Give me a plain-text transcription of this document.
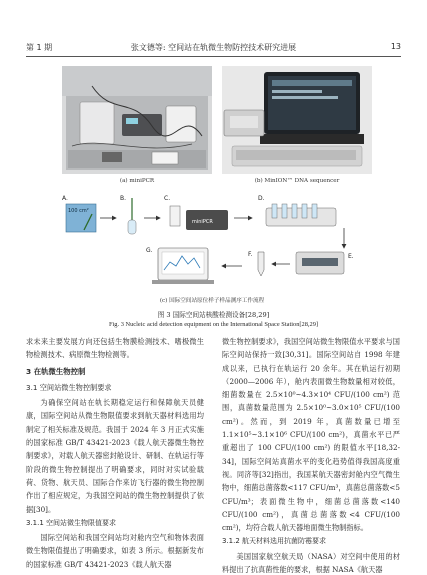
第 1 期	张文德等: 空间站在轨微生物防控技术研究进展	13
(a) miniPCR	(b) MinION™ DNA sequencer
A.
100 cm²
B.	C.
miniPCR
D.
E.
F.
G.
(c) 国际空间站原位样子样品测序工作流程
图 3 国际空间站核酸检测设备[28,29]
Fig. 3 Nucleic acid detection equipment on the International Space Station[28,29]

求未来主要发展方向还包括生物膜检测技术、嗜极微生物检测技术、病原微生物检测等。

3 在轨微生物控制
3.1 空间站微生物控制要求

为确保空间站在轨长期稳定运行和保障航天员健康，国际空间站从微生物限值要求到航天器材料选用均制定了相关标准及规范。我国于 2024 年 3 月正式实施的国家标准 GB/T 43421-2023《载人航天器微生物控制要求》，对载人航天器密封舱设计、研制、在轨运行等阶段的微生物控制提出了明确要求，同时对实试验载荷、货物、航天员、国际合作来访飞行器的微生物控制作出了相应规定，为我国空间站的微生物控制提供了依据[30]。

3.1.1 空间站微生物限值要求

国际空间站和我国空间站均对舱内空气和物体表面微生物限值提出了明确要求，如表 3 所示。根据新发布的国家标准 GB/T 43421-2023《载人航天器

微生物控制要求》，我国空间站微生物限值水平要求与国际空间站保持一致[30,31]。国际空间站自 1998 年建成以来，已执行在轨运行 20 余年。其在轨运行初期（2000—2006 年），舱内表面微生物数量相对较低，细菌数量在 2.5×10⁰~4.3×10⁴ CFU/(100 cm²) 范围，真菌数量范围为 2.5×10⁰~3.0×10⁵ CFU/(100 cm²)。然而，到 2019 年，真菌数量已增至 1.1×10⁵~3.1×10⁶ CFU/(100 cm²)，真菌水平已严重超出了 100 CFU/(100 cm²) 的限值水平[18,32-34]，国际空间站真菌水平的变化趋势值得我国高度重视。同济等[32]指出，我国某航天器密封舱内空气微生物中，细菌总菌落数<117 CFU/m³，真菌总菌落数<5 CFU/m³；表面微生物中，细菌总菌落数<140 CFU/(100 cm²)，真菌总菌落数<4 CFU/(100 cm²)，均符合载人航天器地面微生物制指标。

3.1.2 航天材料选用抗菌防霉要求

美国国家航空航天局（NASA）对空间中使用的材料提出了抗真菌性能的要求，根据 NASA《航天器
